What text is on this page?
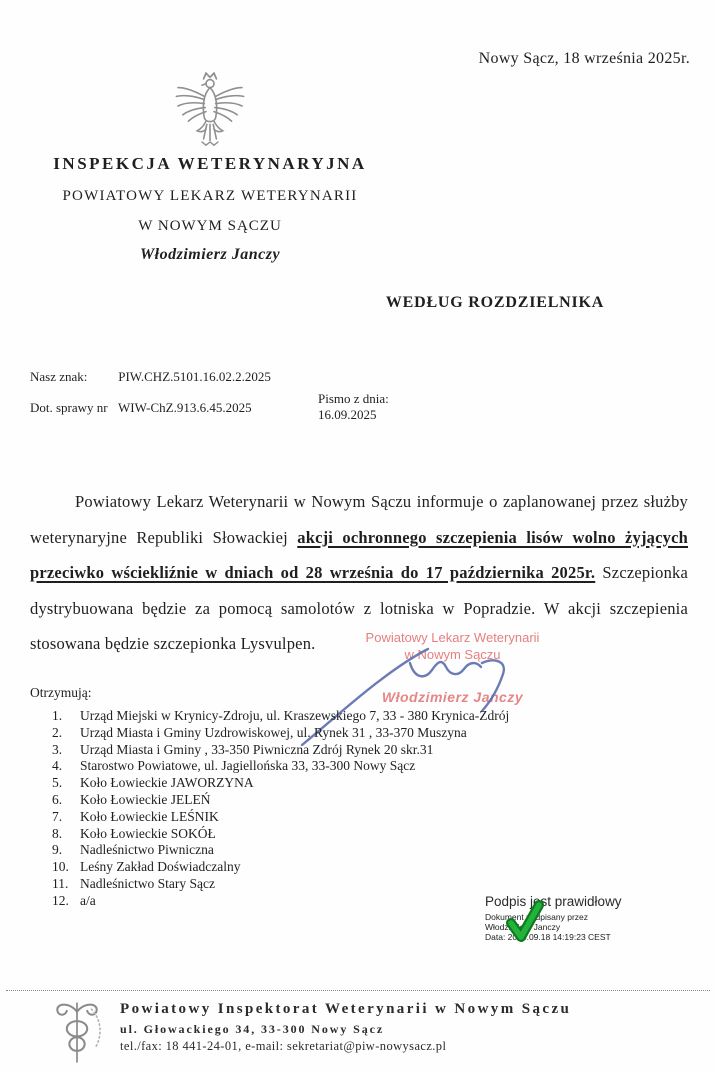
Nowy Sącz, 18 września 2025r.
INSPEKCJA WETERYNARYJNA
POWIATOWY LEKARZ WETERYNARII
W NOWYM SĄCZU
Włodzimierz Janczy
WEDŁUG ROZDZIELNIKA
Nasz znak: PIW.CHZ.5101.16.02.2.2025
Dot. sprawy nr WIW-ChZ.913.6.45.2025
Pismo z dnia:
16.09.2025
Powiatowy Lekarz Weterynarii w Nowym Sączu informuje o zaplanowanej przez służby weterynaryjne Republiki Słowackiej akcji ochronnego szczepienia lisów wolno żyjących przeciwko wściekliźnie w dniach od 28 września do 17 października 2025r. Szczepionka dystrybuowana będzie za pomocą samolotów z lotniska w Popradzie. W akcji szczepienia stosowana będzie szczepionka Lysvulpen.	Powiatowy Lekarz Weterynarii
w Nowym Sączu
Włodzimierz Janczy
Otrzymują:
Urząd Miejski w Krynicy-Zdroju, ul. Kraszewskiego 7, 33 - 380 Krynica-Zdrój
Urząd Miasta i Gminy Uzdrowiskowej, ul. Rynek 31 , 33-370 Muszyna
Urząd Miasta i Gminy , 33-350 Piwniczna Zdrój Rynek 20 skr.31
Starostwo Powiatowe, ul. Jagiellońska 33, 33-300 Nowy Sącz
Koło Łowieckie JAWORZYNA
Koło Łowieckie JELEŃ
Koło Łowieckie LEŚNIK
Koło Łowieckie SOKÓŁ
Nadleśnictwo Piwniczna
Leśny Zakład Doświadczalny
Nadleśnictwo Stary Sącz
a/a	Podpis jest prawidłowy
Dokument podpisany przez
Włodzimierz Janczy
Data: 2025.09.18 14:19:23 CEST
Powiatowy Inspektorat Weterynarii w Nowym Sączu
ul. Głowackiego 34, 33-300 Nowy Sącz
tel./fax: 18 441-24-01, e-mail: sekretariat@piw-nowysacz.pl
